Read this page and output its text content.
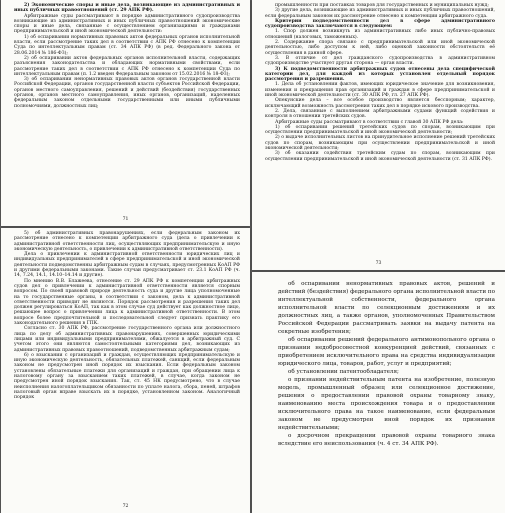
2) Экономические споры и иные дела, возникающие из административных и иных публичных правоотношений (ст. 29 АПК РФ).

Арбитражные суды рассматривают в порядке административного судопроизводства возникающие из административных и иных публичных правоотношений экономические споры и иные дела, связанные с осуществлением организациями и гражданами предпринимательской и иной экономической деятельности:

1) об оспаривании нормативных правовых актов федеральных органов исполнительной власти, если рассмотрение таких дел в соответствии с АПК РФ отнесено к компетенции Суда по интеллектуальным правам (ст. 34 АПК РФ) (в ред. Федерального закона от 28.06.2014 № 186-ФЗ);

2) об оспаривании актов федеральных органов исполнительной власти, содержащих разъяснения законодательства и обладающих нормативными свойствами, если рассмотрение таких дел в соответствии с АПК РФ отнесено к компетенции Суда по интеллектуальным правам (п. 1.2 введен Федеральным законом от 15.02.2016 № 18-ФЗ);

3) об оспаривании ненормативных правовых актов органов государственной власти Российской Федерации, органов государственной власти субъектов Российской Федерации, органов местного самоуправления, решений и действий (бездействия) государственных органов, органов местного самоуправления, иных органов, организаций, наделенных федеральным законом отдельными государственными или иными публичными полномочиями, должностных лиц;

71

промышленности при поставках товаров для государственных и муниципальных нужд;

3) другие дела, возникающие из административных и иных публичных правоотношений, если федеральным законом их рассмотрение отнесено к компетенции арбитражного суда.

Критерии подведомственности дел в сфере административного судопроизводства заключаются в следующем:

1. Спор должен возникнуть из административных либо иных публично-правовых отношений (налоговых, таможенных).

2. Содержание спора связано с предпринимательской или иной экономической деятельностью, либо доступом к ней, либо оценкой законности обстоятельств её осуществления в данной сфере.

3. В отличие от дел гражданского судопроизводства в административном судопроизводстве участвует другая сторона — орган власти.

3) К подведомственности арбитражных судов отнесены дела специфической категории дел, для каждой из которых установлен отдельный порядок рассмотрения и разрешения.

1. Дела об установлении фактов, имеющих юридическое значение для возникновения, изменения и прекращения прав организаций и граждан в сфере предпринимательской и иной экономической деятельности (ст. 30 АПК РФ, гл. 27 АПК РФ).

Опекунские дела – все особое производство является бесспорным; характер, исключающий возможность рассмотрения таких дел в порядке искового производства.

2. Дела, связанные с выполнением арбитражными судами функций содействия и контроля в отношении третейских судов.

Арбитражные суды рассматривают в соответствии с главой 30 АПК РФ дела:

1) об оспаривании решений третейских судов по спорам, возникающим при осуществлении предпринимательской и иной экономической деятельности;

2) о выдаче исполнительных листов на принудительное исполнение решений третейских судов по спорам, возникающим при осуществлении предпринимательской и иной экономической деятельности;

3) об оказании содействия третейским судам по спорам, возникающим при осуществлении предпринимательской и иной экономической деятельности (ст. 31 АПК РФ).

73

5) об административных правонарушениях, если федеральным законом их рассмотрение отнесено к компетенции арбитражного суда (дела о привлечении к административной ответственности лиц, осуществляющих предпринимательскую и иную экономическую деятельность, о привлечении к административной ответственности).

Дела о привлечении к административной ответственности юридических лиц и индивидуальных предпринимателей в сфере предпринимательской и иной экономической деятельности подведомственны арбитражным судам в случаях, предусмотренных КоАП РФ и другими федеральными законами. Такие случаи предусматривает ст. 23.1 КоАП РФ (ч. 14, 7.24, 14.1, 14.10–14.14 и другие).

По мнению В.В. Блажеева, отнесение ст. 29 АПК РФ к компетенции арбитражных судов дел о привлечении к административной ответственности является спорным вопросом. По своей правовой природе деятельность суда и другие лица уполномоченные на то государственные органы, в соответствии с законом, дела к административной ответственности приводит не являются. Порядок рассмотрения и разрешения таких дел должен регулироваться КоАП, так как в этом случае суд действует как должностное лицо, решающее вопрос о привлечении лица к административной ответственности. В этом вопросе более предпочтительной и последовательной следует признать практику его законодательного решения в ГПК.

Согласно ст. 30 АПК РФ, рассмотрение государственного органа или должностного лица по делу об административных правонарушениях, совершенных юридическими лицами или индивидуальными предпринимателями, обжалуется в арбитражный суд. С учетом этого они являются самостоятельными категориями дел, возникающих из административных правовых правоотношений, подведомственных арбитражным судам;

6) о взыскании с организаций и граждан, осуществляющих предпринимательскую и иную экономическую деятельность, обязательных платежей, санкций, если федеральным законом не предусмотрен иной порядок их взыскания. Если федеральным законом установлены обязательные платежи для организаций и граждан, при обращении лица к налоговому органу за взысканием таких платежей, в случае, когда законом не предусмотрен иной порядок взыскания. Так, ст. 45 НК предусмотрено, что в случае неисполнения налогоплательщиком обязанности по уплате налога, сбора, пеней, штрафов налоговый орган вправе взыскать их в порядке, установленном законом. Аналогичный порядок

72

об оспаривании ненормативных правовых актов, решений и действий (бездействия) федерального органа исполнительной власти по интеллектуальной собственности, федерального органа исполнительной власти по селекционным достижениям и их должностных лиц, а также органов, уполномоченных Правительством Российской Федерации рассматривать заявки на выдачу патента на секретные изобретения;

об оспаривании решений федерального антимонопольного органа о признании недобросовестной конкуренцией действий, связанных с приобретением исключительного права на средства индивидуализации юридического лица, товаров, работ, услуг и предприятий;

об установлении патентообладателя;

о признании недействительным патента на изобретение, полезную модель, промышленный образец или селекционное достижение, решения о предоставлении правовой охраны товарному знаку, наименованию места происхождения товара и о предоставлении исключительного права на такое наименование, если федеральным законом не предусмотрен иной порядок их признания недействительными;

о досрочном прекращении правовой охраны товарного знака вследствие его неиспользования (ч. 4 ст. 34 АПК РФ).
